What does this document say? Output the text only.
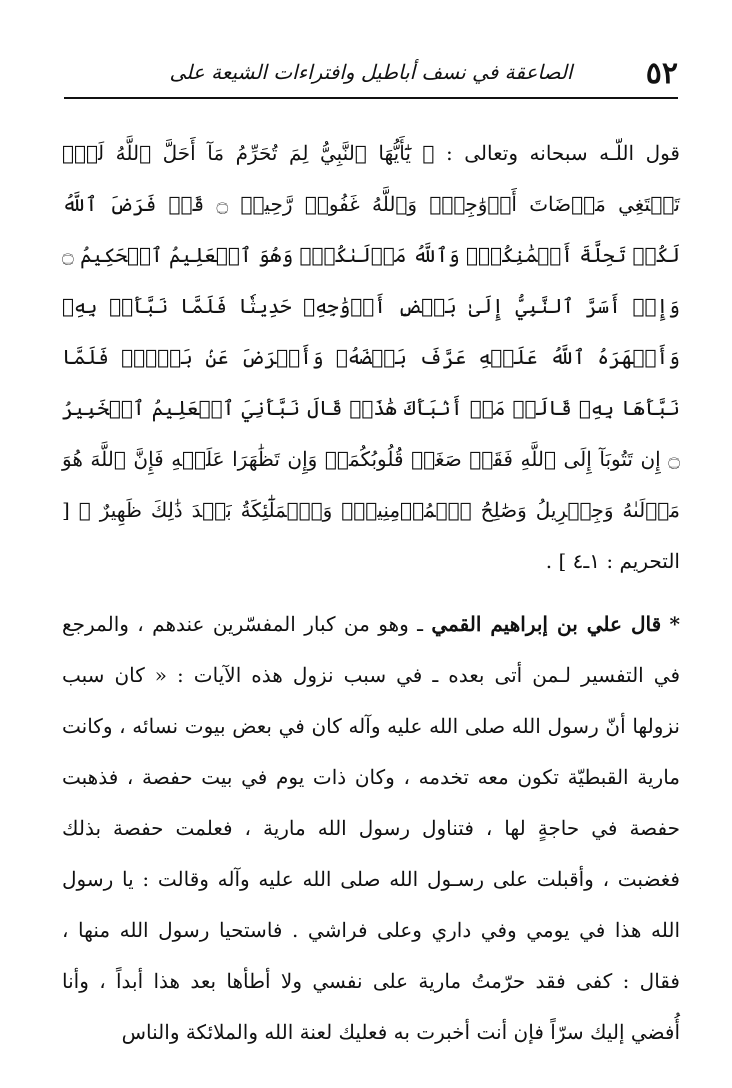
٥٢
الصاعقة في نسف أباطيل وافتراءات الشيعة على

قول اللّـه سبحانه وتعالى : ﴿ يَٰٓأَيُّهَا ٱلنَّبِيُّ لِمَ تُحَرِّمُ مَآ أَحَلَّ ٱللَّهُ لَكَۖ تَبۡتَغِي مَرۡضَاتَ أَزۡوَٰجِكَۚ وَٱللَّهُ غَفُورٞ رَّحِيمٞ ۝ قَدۡ فَرَضَ ٱللَّهُ لَكُمۡ تَحِلَّةَ أَيۡمَٰنِكُمۡۚ وَٱللَّهُ مَوۡلَىٰكُمۡۖ وَهُوَ ٱلۡعَلِيمُ ٱلۡحَكِيمُ ۝ وَإِذۡ أَسَرَّ ٱلنَّبِيُّ إِلَىٰ بَعۡضِ أَزۡوَٰجِهِۦ حَدِيثٗا فَلَمَّا نَبَّأَتۡ بِهِۦ وَأَظۡهَرَهُ ٱللَّهُ عَلَيۡهِ عَرَّفَ بَعۡضَهُۥ وَأَعۡرَضَ عَنۢ بَعۡضٖۖ فَلَمَّا نَبَّأَهَا بِهِۦ قَالَتۡ مَنۡ أَنۢبَأَكَ هَٰذَاۖ قَالَ نَبَّأَنِيَ ٱلۡعَلِيمُ ٱلۡخَبِيرُ ۝ إِن تَتُوبَآ إِلَى ٱللَّهِ فَقَدۡ صَغَتۡ قُلُوبُكُمَاۖ وَإِن تَظَٰهَرَا عَلَيۡهِ فَإِنَّ ٱللَّهَ هُوَ مَوۡلَىٰهُ وَجِبۡرِيلُ وَصَٰلِحُ ٱلۡمُؤۡمِنِينَۖ وَٱلۡمَلَٰٓئِكَةُ بَعۡدَ ذَٰلِكَ ظَهِيرٌ ﴾ [ التحريم : ١ـ٤ ] .

* قال علي بن إبراهيم القمي ـ وهو من كبار المفسّرين عندهم ، والمرجع في التفسير لـمن أتى بعده ـ في سبب نزول هذه الآيات : « كان سبب نزولها أنّ رسول الله صلى الله عليه وآله كان في بعض بيوت نسائه ، وكانت مارية القبطيّة تكون معه تخدمه ، وكان ذات يوم في بيت حفصة ، فذهبت حفصة في حاجةٍ لها ، فتناول رسول الله مارية ، فعلمت حفصة بذلك فغضبت ، وأقبلت على رسـول الله صلى الله عليه وآله وقالت : يا رسول الله هذا في يومي وفي داري وعلى فراشي . فاستحيا رسول الله منها ، فقال : كفى فقد حرّمتُ مارية على نفسي ولا أطأها بعد هذا أبداً ، وأنا أُفضي إليك سرّاً فإن أنت أخبرت به فعليك لعنة الله والملائكة والناس
